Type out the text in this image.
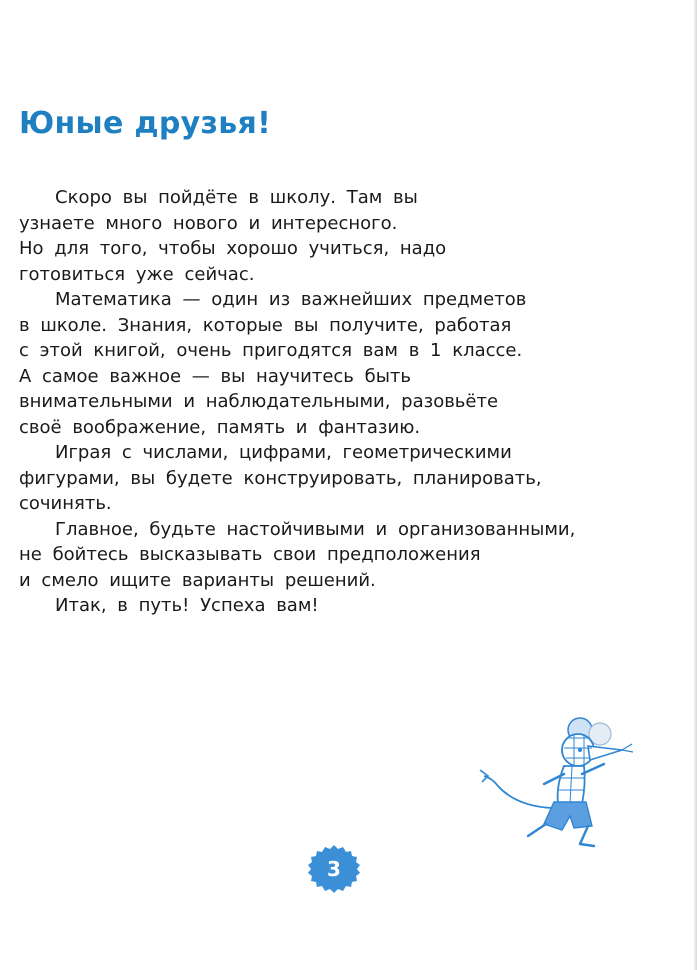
Юные друзья!
Скоро вы пойдёте в школу. Там вы
узнаете много нового и интересного.
Но для того, чтобы хорошо учиться, надо
готовиться уже сейчас.
Математика — один из важнейших предметов
в школе. Знания, которые вы получите, работая
с этой книгой, очень пригодятся вам в 1 классе.
А самое важное — вы научитесь быть
внимательными и наблюдательными, разовьёте
своё воображение, память и фантазию.
Играя с числами, цифрами, геометрическими
фигурами, вы будете конструировать, планировать,
сочинять.
Главное, будьте настойчивыми и организованными,
не бойтесь высказывать свои предположения
и смело ищите варианты решений.
Итак, в путь! Успеха вам!
3
